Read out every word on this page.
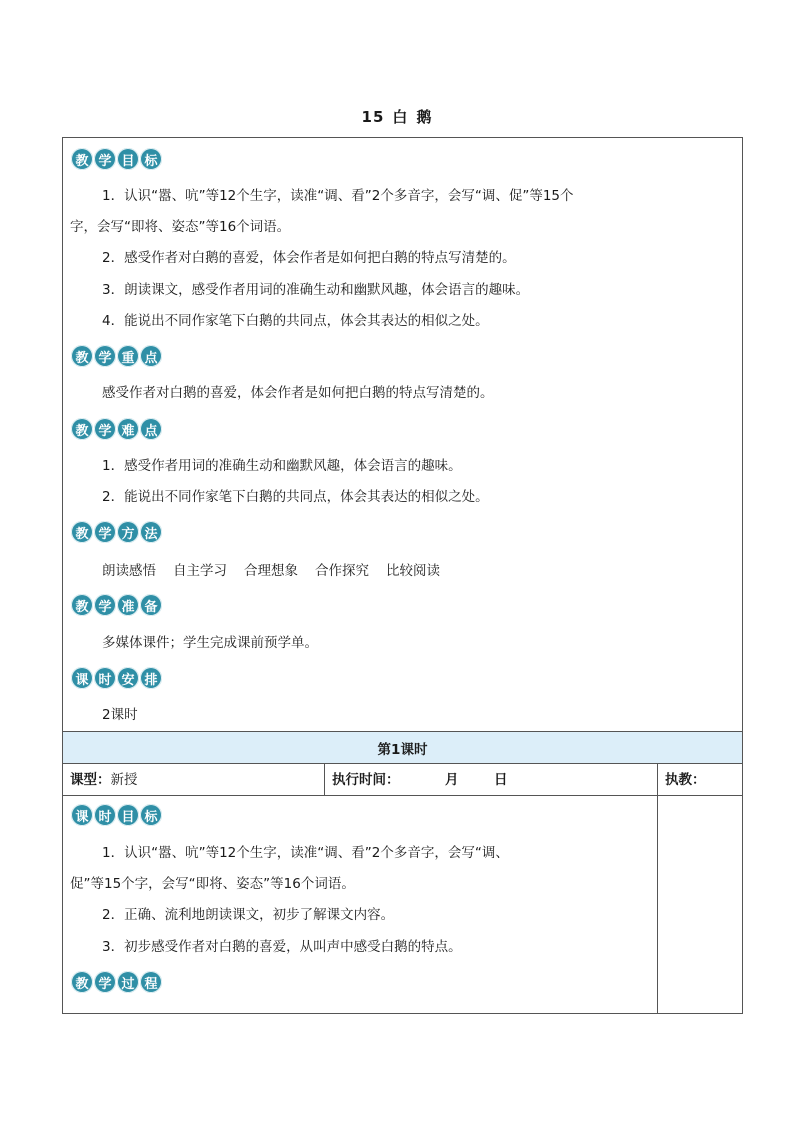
15 白 鹅
教 学 目 标
1．认识“嚣、吭”等12个生字，读准“调、看”2个多音字，会写“调、促”等15个
字，会写“即将、姿态”等16个词语。
2．感受作者对白鹅的喜爱，体会作者是如何把白鹅的特点写清楚的。
3．朗读课文，感受作者用词的准确生动和幽默风趣，体会语言的趣味。
4．能说出不同作家笔下白鹅的共同点，体会其表达的相似之处。
教 学 重 点
感受作者对白鹅的喜爱，体会作者是如何把白鹅的特点写清楚的。
教 学 难 点
1．感受作者用词的准确生动和幽默风趣，体会语言的趣味。
2．能说出不同作家笔下白鹅的共同点，体会其表达的相似之处。
教 学 方 法
朗读感悟 自主学习 合理想象 合作探究 比较阅读
教 学 准 备
多媒体课件；学生完成课前预学单。
课 时 安 排
2课时
第1课时
课型：新授	执行时间：	月	日	执教：
课 时 目 标
1．认识“嚣、吭”等12个生字，读准“调、看”2个多音字，会写“调、
促”等15个字，会写“即将、姿态”等16个词语。
2．正确、流利地朗读课文，初步了解课文内容。
3．初步感受作者对白鹅的喜爱，从叫声中感受白鹅的特点。
教 学 过 程
